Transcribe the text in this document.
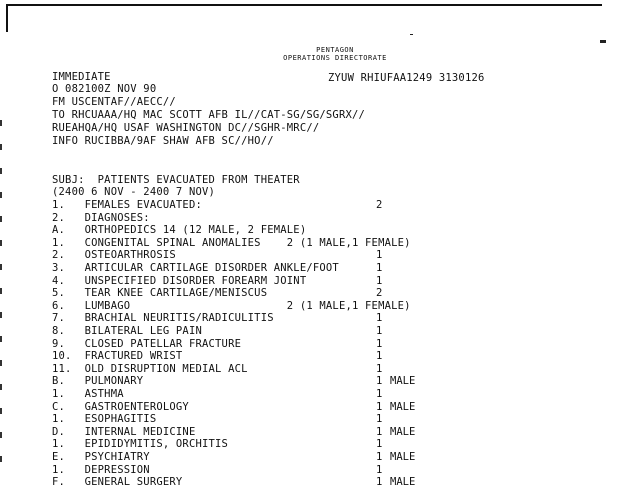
PENTAGON
OPERATIONS DIRECTORATE
IMMEDIATE	ZYUW RHIUFAA1249 3130126
O 082100Z NOV 90
FM USCENTAF//AECC//
TO RHCUAAA/HQ MAC SCOTT AFB IL//CAT-SG/SG/SGRX//
RUEAHQA/HQ USAF WASHINGTON DC//SGHR-MRC//
INFO RUCIBBA/9AF SHAW AFB SC//HO//
SUBJ:  PATIENTS EVACUATED FROM THEATER
(2400 6 NOV - 2400 7 NOV)
1.   FEMALES EVACUATED:	2
2.   DIAGNOSES:
A.   ORTHOPEDICS 14 (12 MALE, 2 FEMALE)
1.   CONGENITAL SPINAL ANOMALIES    2 (1 MALE,1 FEMALE)
2.   OSTEOARTHROSIS	1
3.   ARTICULAR CARTILAGE DISORDER ANKLE/FOOT	1
4.   UNSPECIFIED DISORDER FOREARM JOINT	1
5.   TEAR KNEE CARTILAGE/MENISCUS	2
6.   LUMBAGO                        2 (1 MALE,1 FEMALE)
7.   BRACHIAL NEURITIS/RADICULITIS	1
8.   BILATERAL LEG PAIN	1
9.   CLOSED PATELLAR FRACTURE	1
10.  FRACTURED WRIST	1
11.  OLD DISRUPTION MEDIAL ACL	1
B.   PULMONARY	1 MALE
1.   ASTHMA	1
C.   GASTROENTEROLOGY	1 MALE
1.   ESOPHAGITIS	1
D.   INTERNAL MEDICINE	1 MALE
1.   EPIDIDYMITIS, ORCHITIS	1
E.   PSYCHIATRY	1 MALE
1.   DEPRESSION	1
F.   GENERAL SURGERY	1 MALE
